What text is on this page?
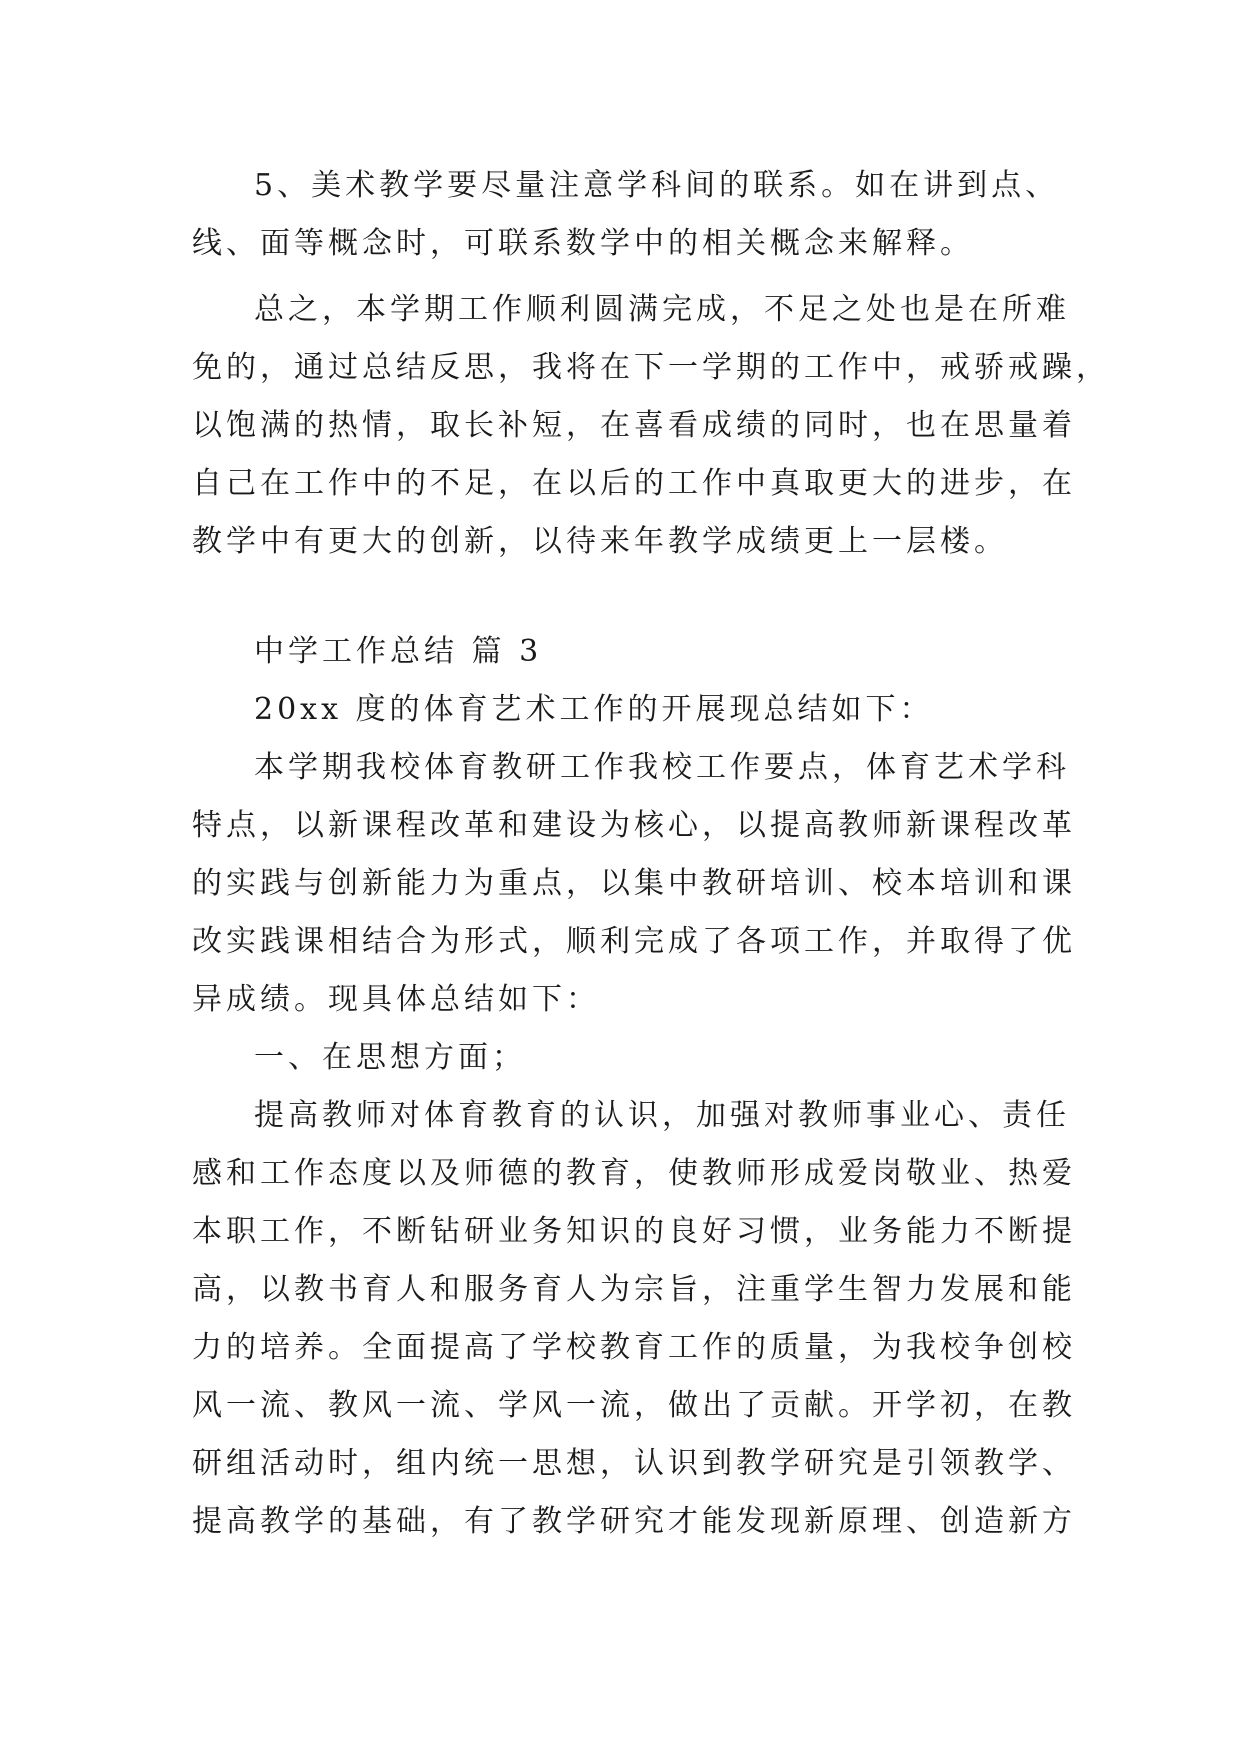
5、美术教学要尽量注意学科间的联系。如在讲到点、

线、面等概念时，可联系数学中的相关概念来解释。

总之，本学期工作顺利圆满完成，不足之处也是在所难

免的，通过总结反思，我将在下一学期的工作中，戒骄戒躁，

以饱满的热情，取长补短，在喜看成绩的同时，也在思量着

自己在工作中的不足，在以后的工作中真取更大的进步，在

教学中有更大的创新，以待来年教学成绩更上一层楼。

中学工作总结 篇 3

20xx 度的体育艺术工作的开展现总结如下：

本学期我校体育教研工作我校工作要点，体育艺术学科

特点，以新课程改革和建设为核心，以提高教师新课程改革

的实践与创新能力为重点，以集中教研培训、校本培训和课

改实践课相结合为形式，顺利完成了各项工作，并取得了优

异成绩。现具体总结如下：

一、在思想方面；

提高教师对体育教育的认识，加强对教师事业心、责任

感和工作态度以及师德的教育，使教师形成爱岗敬业、热爱

本职工作，不断钻研业务知识的良好习惯，业务能力不断提

高，以教书育人和服务育人为宗旨，注重学生智力发展和能

力的培养。全面提高了学校教育工作的质量，为我校争创校

风一流、教风一流、学风一流，做出了贡献。开学初，在教

研组活动时，组内统一思想，认识到教学研究是引领教学、

提高教学的基础，有了教学研究才能发现新原理、创造新方
